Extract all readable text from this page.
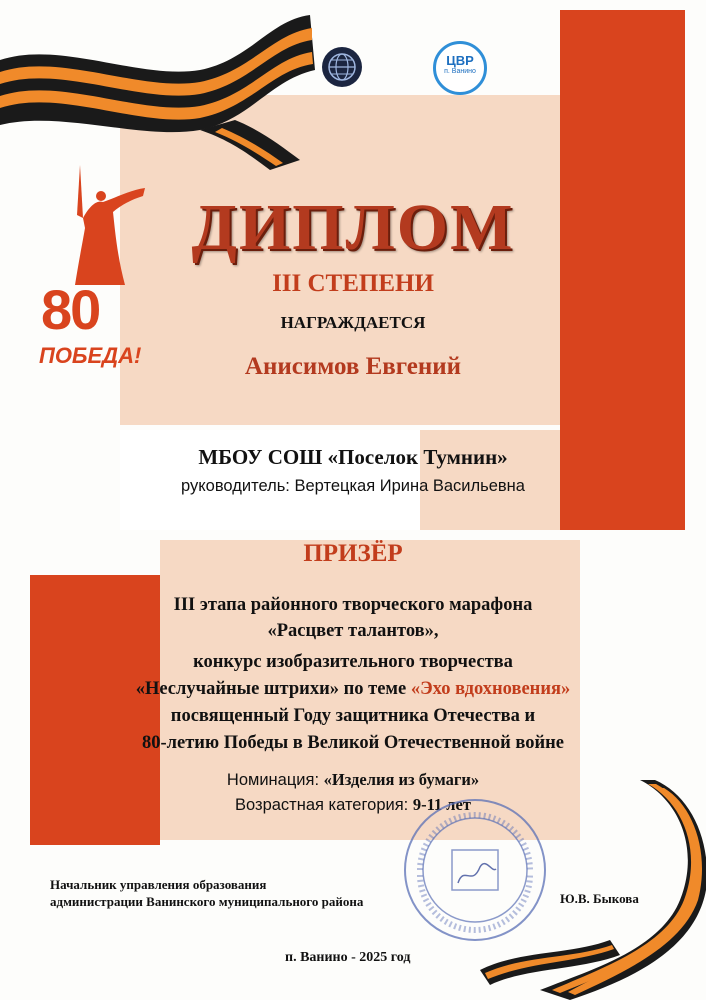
ЦВР
п. Ванино
80
ПОБЕДА!
ДИПЛОМ
III СТЕПЕНИ
НАГРАЖДАЕТСЯ
Анисимов Евгений
МБОУ СОШ «Поселок Тумнин»
руководитель: Вертецкая Ирина Васильевна
ПРИЗЁР
III этапа районного творческого марафона
«Расцвет талантов»,
конкурс изобразительного творчества
«Неслучайные штрихи» по теме «Эхо вдохновения»
посвященный Году защитника Отечества и
80-летию Победы в Великой Отечественной войне
Номинация: «Изделия из бумаги»
Возрастная категория: 9-11 лет
Начальник управления образования
администрации Ванинского муниципального района	Ю.В. Быкова
п. Ванино - 2025 год
